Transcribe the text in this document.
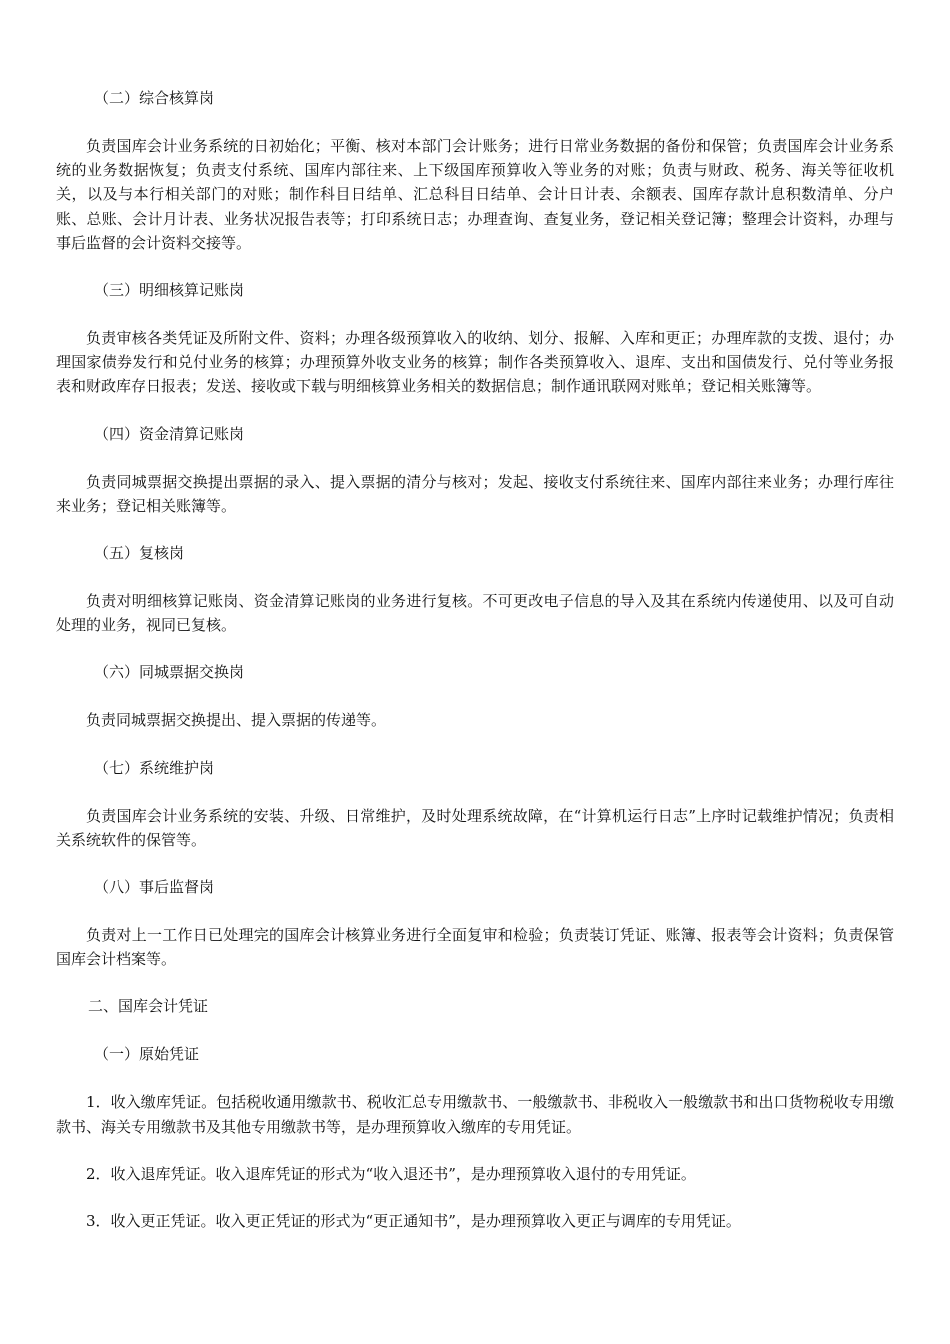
（二）综合核算岗

负责国库会计业务系统的日初始化；平衡、核对本部门会计账务；进行日常业务数据的备份和保管；负责国库会计业务系统的业务数据恢复；负责支付系统、国库内部往来、上下级国库预算收入等业务的对账；负责与财政、税务、海关等征收机关，以及与本行相关部门的对账；制作科目日结单、汇总科目日结单、会计日计表、余额表、国库存款计息积数清单、分户账、总账、会计月计表、业务状况报告表等；打印系统日志；办理查询、查复业务，登记相关登记簿；整理会计资料，办理与事后监督的会计资料交接等。

（三）明细核算记账岗

负责审核各类凭证及所附文件、资料；办理各级预算收入的收纳、划分、报解、入库和更正；办理库款的支拨、退付；办理国家债券发行和兑付业务的核算；办理预算外收支业务的核算；制作各类预算收入、退库、支出和国债发行、兑付等业务报表和财政库存日报表；发送、接收或下载与明细核算业务相关的数据信息；制作通讯联网对账单；登记相关账簿等。

（四）资金清算记账岗

负责同城票据交换提出票据的录入、提入票据的清分与核对；发起、接收支付系统往来、国库内部往来业务；办理行库往来业务；登记相关账簿等。

（五）复核岗

负责对明细核算记账岗、资金清算记账岗的业务进行复核。不可更改电子信息的导入及其在系统内传递使用、以及可自动处理的业务，视同已复核。

（六）同城票据交换岗

负责同城票据交换提出、提入票据的传递等。

（七）系统维护岗

负责国库会计业务系统的安装、升级、日常维护，及时处理系统故障，在“计算机运行日志”上序时记载维护情况；负责相关系统软件的保管等。

（八）事后监督岗

负责对上一工作日已处理完的国库会计核算业务进行全面复审和检验；负责装订凭证、账簿、报表等会计资料；负责保管国库会计档案等。

二、国库会计凭证

（一）原始凭证

1．收入缴库凭证。包括税收通用缴款书、税收汇总专用缴款书、一般缴款书、非税收入一般缴款书和出口货物税收专用缴款书、海关专用缴款书及其他专用缴款书等，是办理预算收入缴库的专用凭证。

2．收入退库凭证。收入退库凭证的形式为“收入退还书”，是办理预算收入退付的专用凭证。

3．收入更正凭证。收入更正凭证的形式为“更正通知书”，是办理预算收入更正与调库的专用凭证。
